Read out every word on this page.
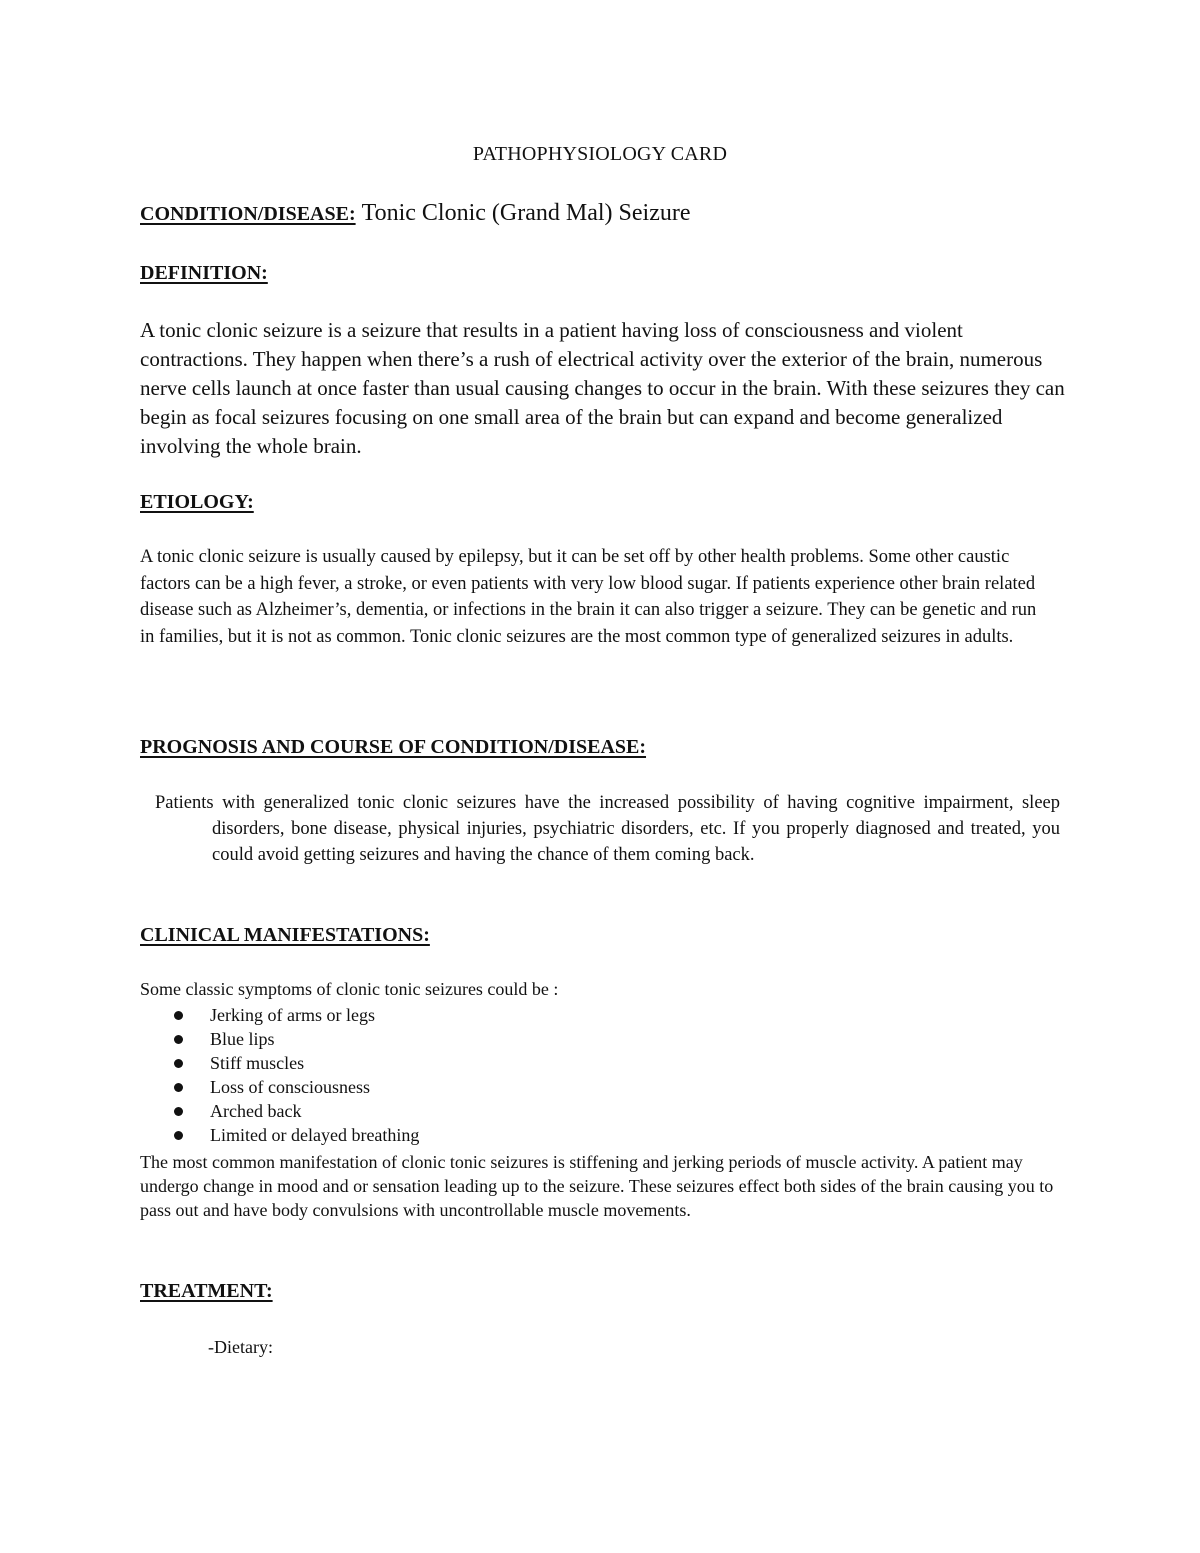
PATHOPHYSIOLOGY CARD

CONDITION/DISEASE: Tonic Clonic (Grand Mal) Seizure

DEFINITION:

A tonic clonic seizure is a seizure that results in a patient having loss of consciousness and violent contractions. They happen when there’s a rush of electrical activity over the exterior of the brain, numerous nerve cells launch at once faster than usual causing changes to occur in the brain. With these seizures they can begin as focal seizures focusing on one small area of the brain but can expand and become generalized involving the whole brain.

ETIOLOGY:

A tonic clonic seizure is usually caused by epilepsy, but it can be set off by other health problems. Some other caustic factors can be a high fever, a stroke, or even patients with very low blood sugar. If patients experience other brain related disease such as Alzheimer’s, dementia, or infections in the brain it can also trigger a seizure. They can be genetic and run in families, but it is not as common. Tonic clonic seizures are the most common type of generalized seizures in adults.

PROGNOSIS AND COURSE OF CONDITION/DISEASE:

Patients with generalized tonic clonic seizures have the increased possibility of having cognitive impairment, sleep disorders, bone disease, physical injuries, psychiatric disorders, etc. If you properly diagnosed and treated, you could avoid getting seizures and having the chance of them coming back.

CLINICAL MANIFESTATIONS:

Some classic symptoms of clonic tonic seizures could be :

Jerking of arms or legs
Blue lips
Stiff muscles
Loss of consciousness
Arched back
Limited or delayed breathing

The most common manifestation of clonic tonic seizures is stiffening and jerking periods of muscle activity. A patient may undergo change in mood and or sensation leading up to the seizure. These seizures effect both sides of the brain causing you to pass out and have body convulsions with uncontrollable muscle movements.

TREATMENT:

-Dietary:
